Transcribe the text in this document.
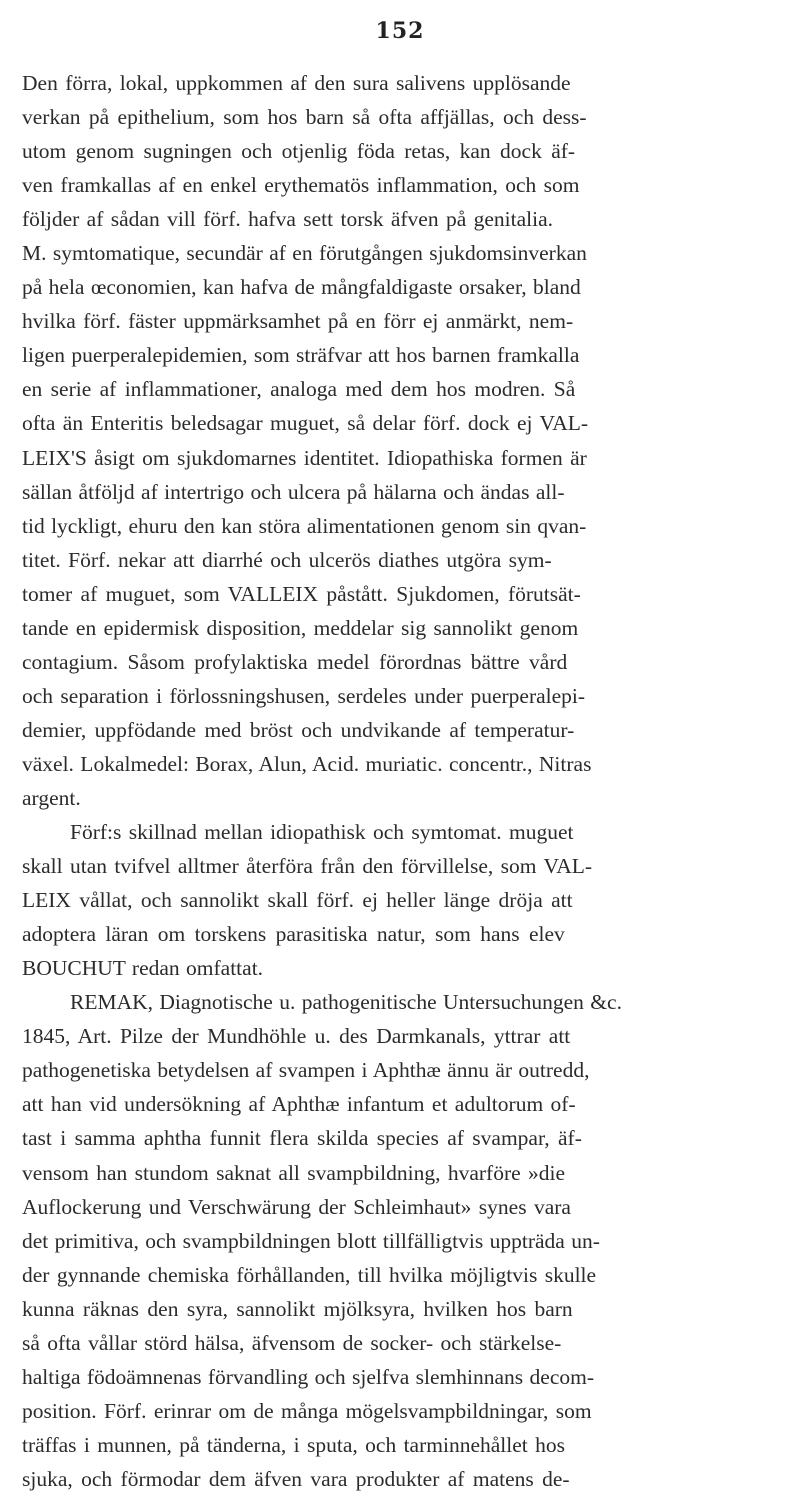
152
Den förra, lokal, uppkommen af den sura salivens upplösande
verkan på epithelium, som hos barn så ofta affjällas, och dess-
utom genom sugningen och otjenlig föda retas, kan dock äf-
ven framkallas af en enkel erythematös inflammation, och som
följder af sådan vill förf. hafva sett torsk äfven på genitalia.
M. symtomatique, secundär af en förutgången sjukdomsinverkan
på hela œconomien, kan hafva de mångfaldigaste orsaker, bland
hvilka förf. fäster uppmärksamhet på en förr ej anmärkt, nem-
ligen puerperalepidemien, som sträfvar att hos barnen framkalla
en serie af inflammationer, analoga med dem hos modren. Så
ofta än Enteritis beledsagar muguet, så delar förf. dock ej VAL-
LEIX'S åsigt om sjukdomarnes identitet. Idiopathiska formen är
sällan åtföljd af intertrigo och ulcera på hälarna och ändas all-
tid lyckligt, ehuru den kan störa alimentationen genom sin qvan-
titet. Förf. nekar att diarrhé och ulcerös diathes utgöra sym-
tomer af muguet, som VALLEIX påstått. Sjukdomen, förutsät-
tande en epidermisk disposition, meddelar sig sannolikt genom
contagium. Såsom profylaktiska medel förordnas bättre vård
och separation i förlossningshusen, serdeles under puerperalepi-
demier, uppfödande med bröst och undvikande af temperatur-
växel. Lokalmedel: Borax, Alun, Acid. muriatic. concentr., Nitras
argent.
Förf:s skillnad mellan idiopathisk och symtomat. muguet
skall utan tvifvel alltmer återföra från den förvillelse, som VAL-
LEIX vållat, och sannolikt skall förf. ej heller länge dröja att
adoptera läran om torskens parasitiska natur, som hans elev
BOUCHUT redan omfattat.
REMAK, Diagnotische u. pathogenitische Untersuchungen &c.
1845, Art. Pilze der Mundhöhle u. des Darmkanals, yttrar att
pathogenetiska betydelsen af svampen i Aphthæ ännu är outredd,
att han vid undersökning af Aphthæ infantum et adultorum of-
tast i samma aphtha funnit flera skilda species af svampar, äf-
vensom han stundom saknat all svampbildning, hvarföre »die
Auflockerung und Verschwärung der Schleimhaut» synes vara
det primitiva, och svampbildningen blott tillfälligtvis uppträda un-
der gynnande chemiska förhållanden, till hvilka möjligtvis skulle
kunna räknas den syra, sannolikt mjölksyra, hvilken hos barn
så ofta vållar störd hälsa, äfvensom de socker- och stärkelse-
haltiga födoämnenas förvandling och sjelfva slemhinnans decom-
position. Förf. erinrar om de många mögelsvampbildningar, som
träffas i munnen, på tänderna, i sputa, och tarminnehållet hos
sjuka, och förmodar dem äfven vara produkter af matens de-
